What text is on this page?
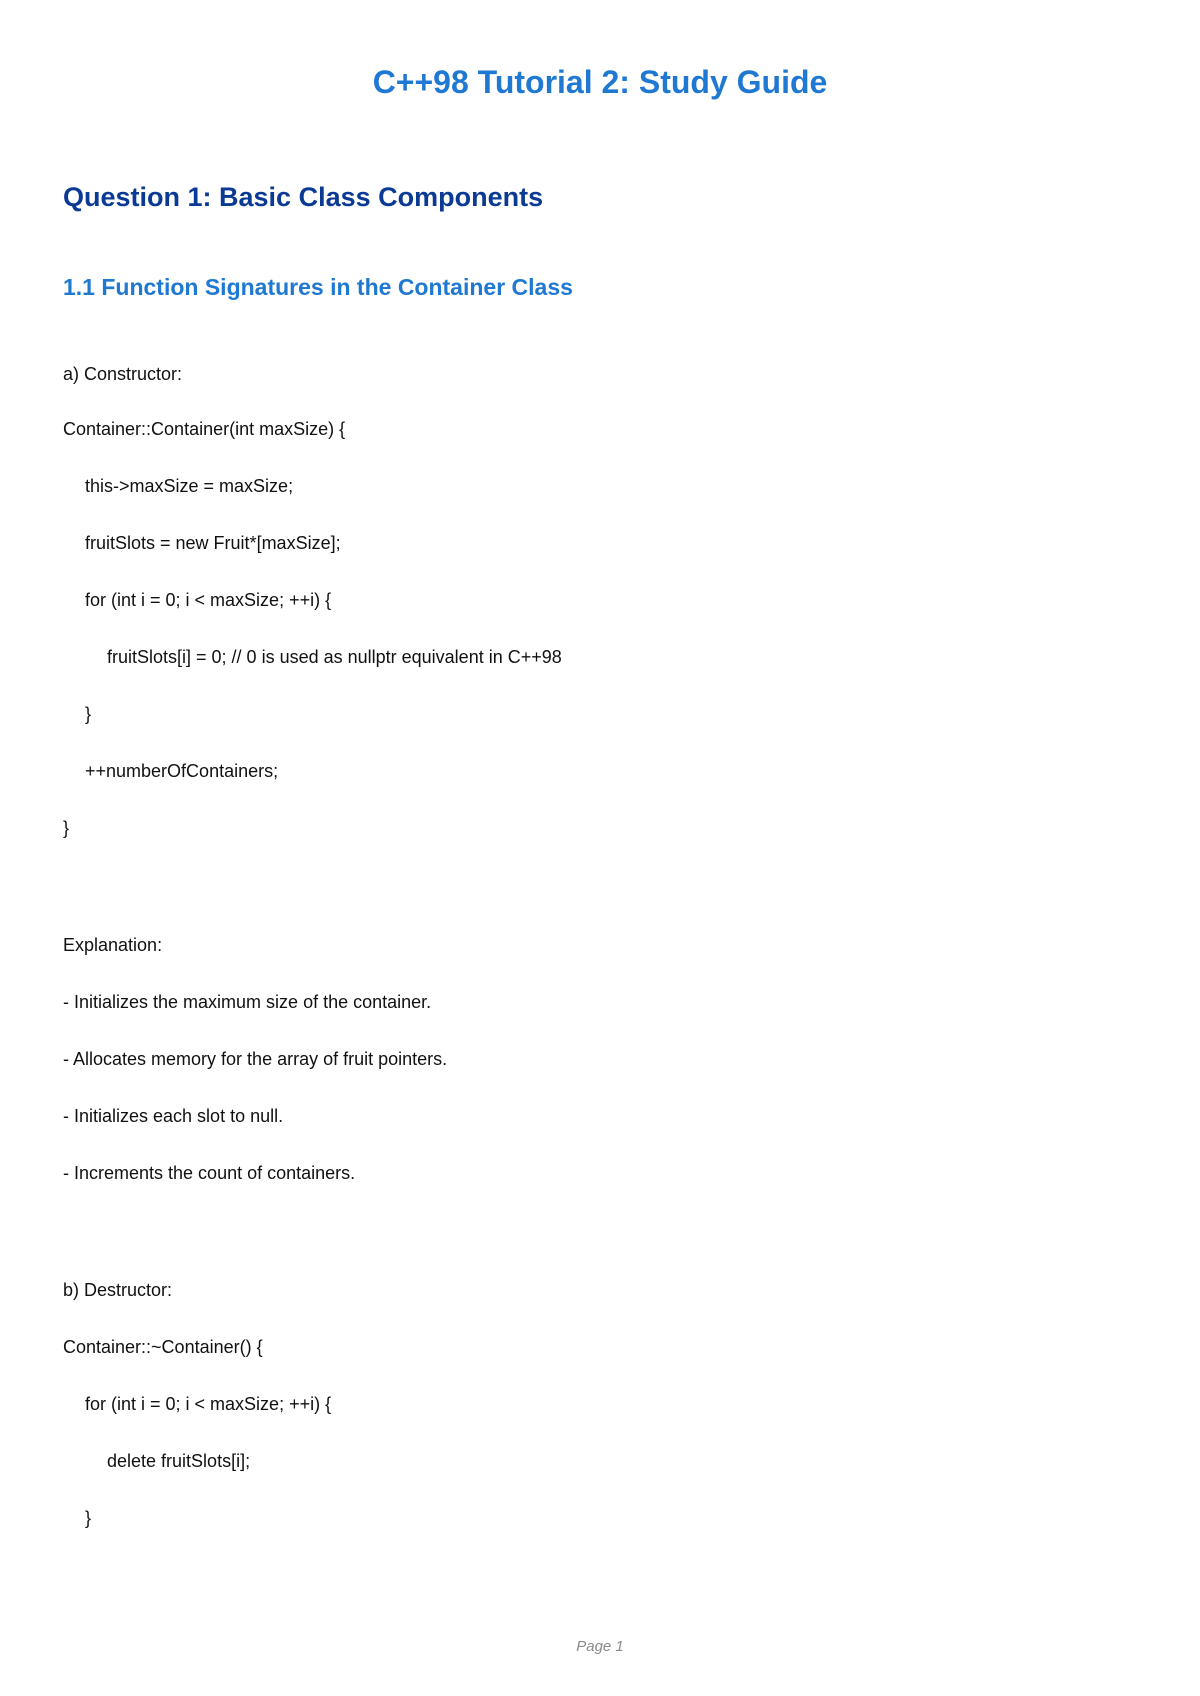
C++98 Tutorial 2: Study Guide
Question 1: Basic Class Components
1.1 Function Signatures in the Container Class
a) Constructor:
Container::Container(int maxSize) {
this->maxSize = maxSize;
fruitSlots = new Fruit*[maxSize];
for (int i = 0; i < maxSize; ++i) {
fruitSlots[i] = 0; // 0 is used as nullptr equivalent in C++98
}
++numberOfContainers;
}
Explanation:
- Initializes the maximum size of the container.
- Allocates memory for the array of fruit pointers.
- Initializes each slot to null.
- Increments the count of containers.
b) Destructor:
Container::~Container() {
for (int i = 0; i < maxSize; ++i) {
delete fruitSlots[i];
}
Page 1
